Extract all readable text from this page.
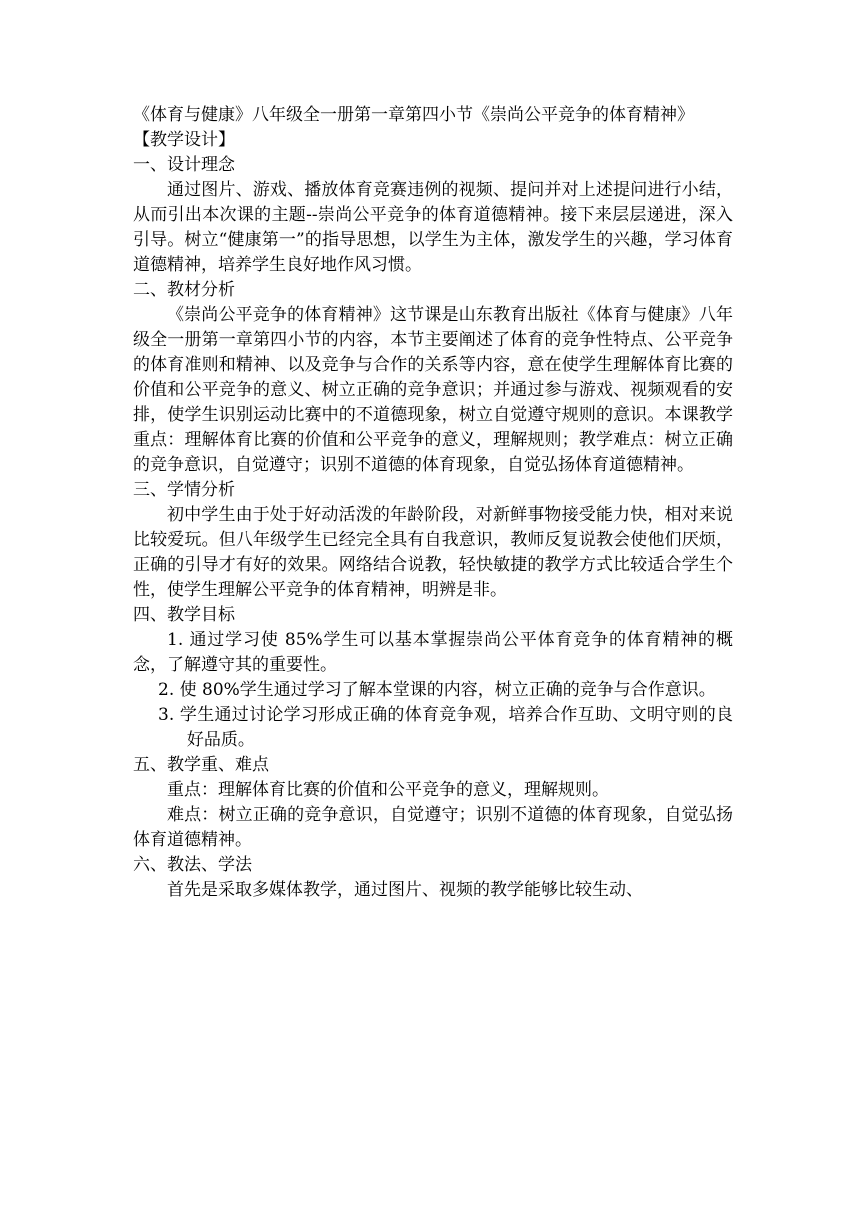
《体育与健康》八年级全一册第一章第四小节《崇尚公平竞争的体育精神》

【教学设计】

一、设计理念

通过图片、游戏、播放体育竞赛违例的视频、提问并对上述提问进行小结，从而引出本次课的主题--崇尚公平竞争的体育道德精神。接下来层层递进，深入引导。树立“健康第一”的指导思想，以学生为主体，激发学生的兴趣，学习体育道德精神，培养学生良好地作风习惯。

二、教材分析

《崇尚公平竞争的体育精神》这节课是山东教育出版社《体育与健康》八年级全一册第一章第四小节的内容，本节主要阐述了体育的竞争性特点、公平竞争的体育准则和精神、以及竞争与合作的关系等内容，意在使学生理解体育比赛的价值和公平竞争的意义、树立正确的竞争意识；并通过参与游戏、视频观看的安排，使学生识别运动比赛中的不道德现象，树立自觉遵守规则的意识。本课教学重点：理解体育比赛的价值和公平竞争的意义，理解规则；教学难点：树立正确的竞争意识，自觉遵守；识别不道德的体育现象，自觉弘扬体育道德精神。

三、学情分析

初中学生由于处于好动活泼的年龄阶段，对新鲜事物接受能力快，相对来说比较爱玩。但八年级学生已经完全具有自我意识，教师反复说教会使他们厌烦，正确的引导才有好的效果。网络结合说教，轻快敏捷的教学方式比较适合学生个性，使学生理解公平竞争的体育精神，明辨是非。

四、教学目标

1. 通过学习使 85%学生可以基本掌握崇尚公平体育竞争的体育精神的概念，了解遵守其的重要性。

2. 使 80%学生通过学习了解本堂课的内容，树立正确的竞争与合作意识。

3. 学生通过讨论学习形成正确的体育竞争观，培养合作互助、文明守则的良好品质。

五、教学重、难点

重点：理解体育比赛的价值和公平竞争的意义，理解规则。

难点：树立正确的竞争意识，自觉遵守；识别不道德的体育现象，自觉弘扬体育道德精神。

六、教法、学法

首先是采取多媒体教学，通过图片、视频的教学能够比较生动、
